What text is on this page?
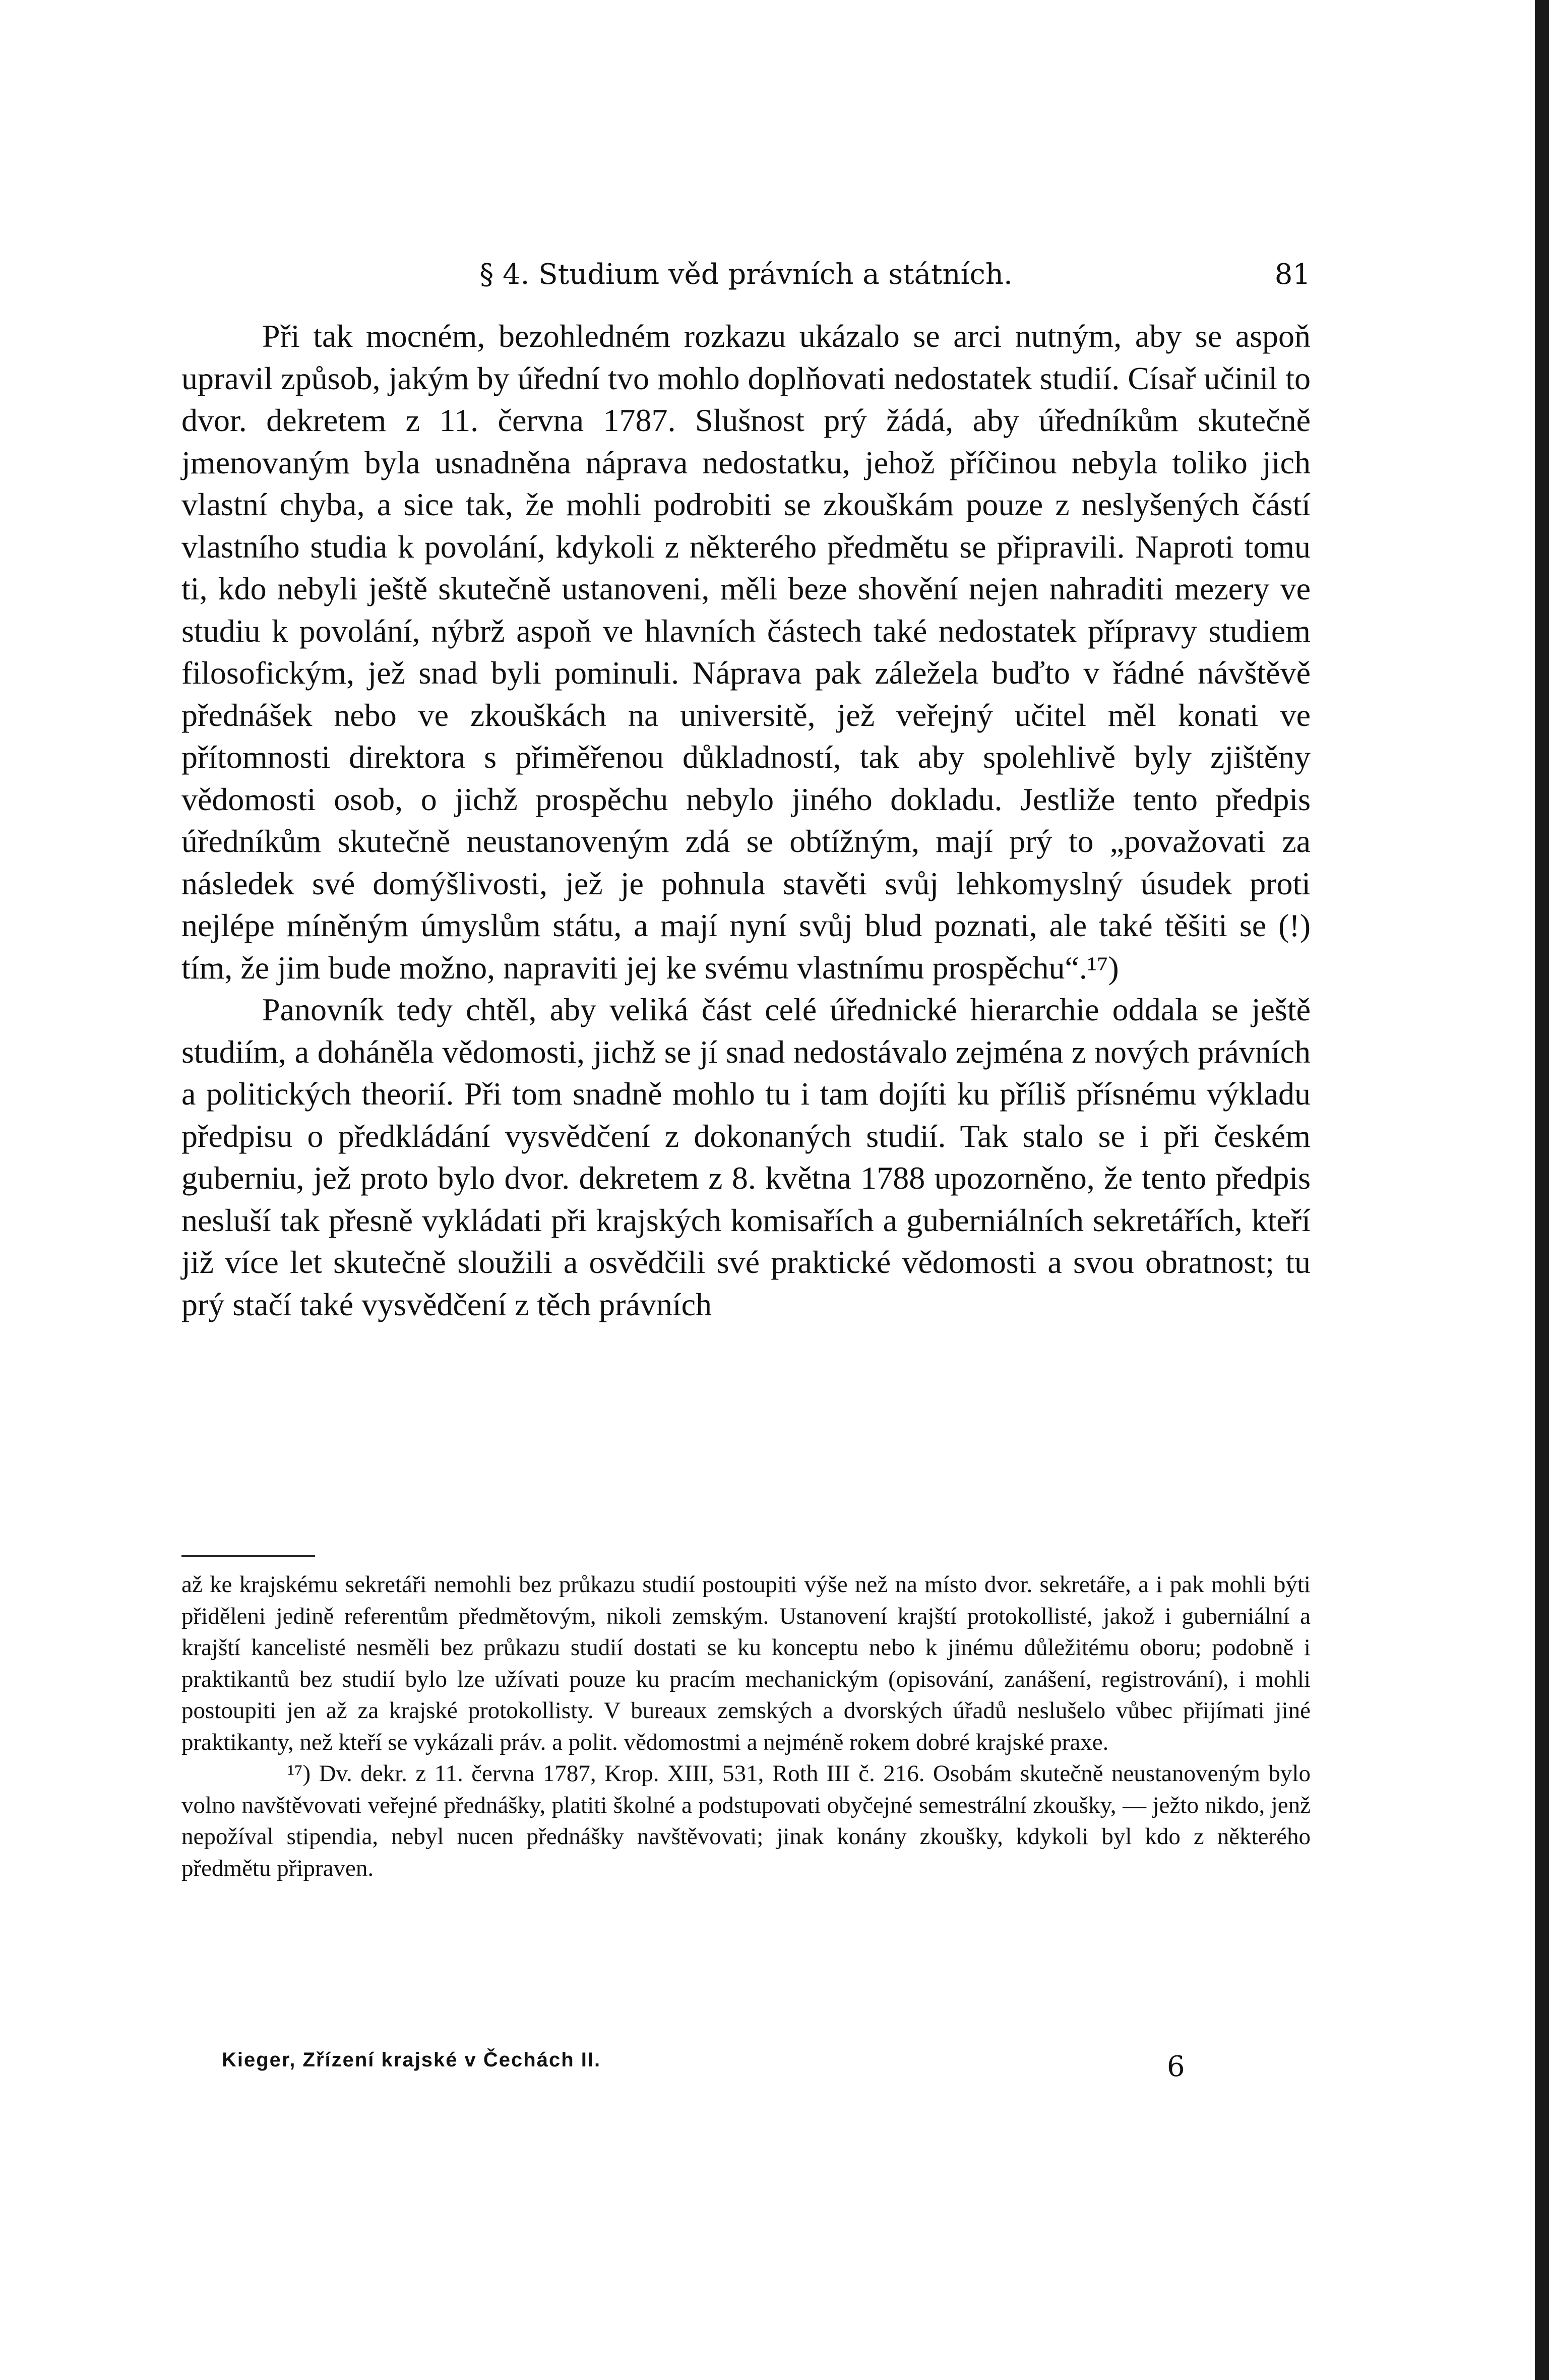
§ 4. Studium věd právních a státních.	81

Při tak mocném, bezohledném rozkazu ukázalo se arci nutným, aby se aspoň upravil způsob, jakým by úřední tvo mohlo doplňovati nedostatek studií. Císař učinil to dvor. dekretem z 11. června 1787. Slušnost prý žádá, aby úředníkům skutečně jmenovaným byla usnadněna náprava nedostatku, jehož příčinou nebyla toliko jich vlastní chyba, a sice tak, že mohli podrobiti se zkouškám pouze z neslyšených částí vlastního studia k povolání, kdykoli z některého předmětu se připravili. Naproti tomu ti, kdo nebyli ještě skutečně ustanoveni, měli beze shovění nejen nahraditi mezery ve studiu k povolání, nýbrž aspoň ve hlavních částech také nedostatek přípravy studiem filosofickým, jež snad byli pominuli. Náprava pak záležela buďto v řádné návštěvě přednášek nebo ve zkouškách na universitě, jež veřejný učitel měl konati ve přítomnosti direktora s přiměřenou důkladností, tak aby spolehlivě byly zjištěny vědomosti osob, o jichž prospěchu nebylo jiného dokladu. Jestliže tento předpis úředníkům skutečně neustanoveným zdá se obtížným, mají prý to „považovati za následek své domýšlivosti, jež je pohnula stavěti svůj lehkomyslný úsudek proti nejlépe míněným úmyslům státu, a mají nyní svůj blud poznati, ale také těšiti se (!) tím, že jim bude možno, napraviti jej ke svému vlastnímu prospěchu“.¹⁷)

Panovník tedy chtěl, aby veliká část celé úřednické hierarchie oddala se ještě studiím, a doháněla vědomosti, jichž se jí snad nedostávalo zejména z nových právních a politických theorií. Při tom snadně mohlo tu i tam dojíti ku příliš přísnému výkladu předpisu o předkládání vysvědčení z dokonaných studií. Tak stalo se i při českém guberniu, jež proto bylo dvor. dekretem z 8. května 1788 upozorněno, že tento předpis nesluší tak přesně vykládati při krajských komisařích a guberniálních sekretářích, kteří již více let skutečně sloužili a osvědčili své praktické vědomosti a svou obratnost; tu prý stačí také vysvědčení z těch právních

až ke krajskému sekretáři nemohli bez průkazu studií postoupiti výše než na místo dvor. sekretáře, a i pak mohli býti přiděleni jedině referentům předmětovým, nikoli zemským. Ustanovení krajští protokollisté, jakož i guberniální a krajští kancelisté nesměli bez průkazu studií dostati se ku konceptu nebo k jinému důležitému oboru; podobně i praktikantů bez studií bylo lze užívati pouze ku pracím mechanickým (opisování, zanášení, registrování), i mohli postoupiti jen až za krajské protokollisty. V bureaux zemských a dvorských úřadů neslušelo vůbec přijímati jiné praktikanty, než kteří se vykázali práv. a polit. vědomostmi a nejméně rokem dobré krajské praxe.

¹⁷) Dv. dekr. z 11. června 1787, Krop. XIII, 531, Roth III č. 216. Osobám skutečně neustanoveným bylo volno navštěvovati veřejné přednášky, platiti školné a podstupovati obyčejné semestrální zkoušky, — ježto nikdo, jenž nepožíval stipendia, nebyl nucen přednášky navštěvovati; jinak konány zkoušky, kdykoli byl kdo z některého předmětu připraven.

Kieger, Zřízení krajské v Čechách II.	6
